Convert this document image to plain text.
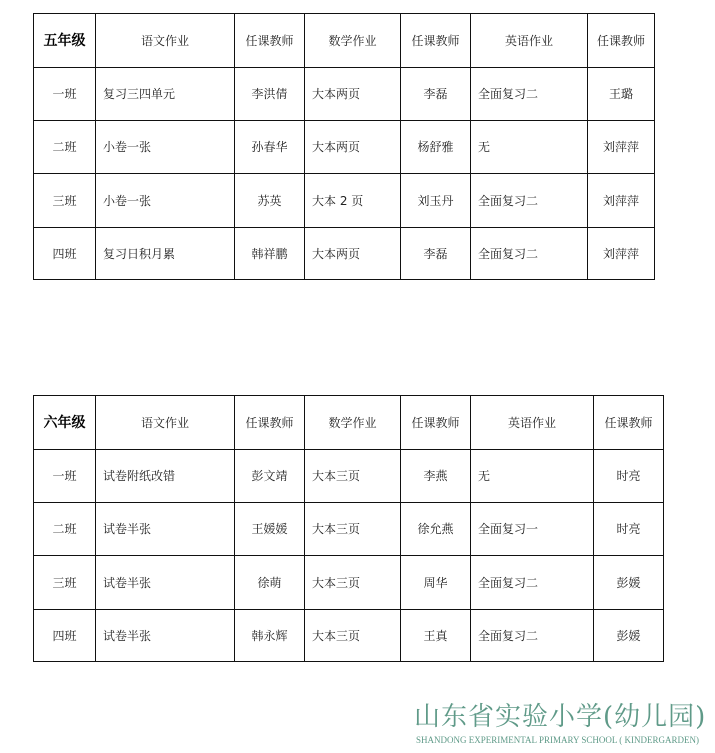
五年级	语文作业	任课教师	数学作业	任课教师	英语作业	任课教师
一班	复习三四单元	李洪倩	大本两页	李磊	全面复习二	王璐
二班	小卷一张	孙春华	大本两页	杨舒雅	无	刘萍萍
三班	小卷一张	苏英	大本 2 页	刘玉丹	全面复习二	刘萍萍
四班	复习日积月累	韩祥鹏	大本两页	李磊	全面复习二	刘萍萍
六年级	语文作业	任课教师	数学作业	任课教师	英语作业	任课教师
一班	试卷附纸改错	彭文靖	大本三页	李燕	无	时亮
二班	试卷半张	王媛媛	大本三页	徐允燕	全面复习一	时亮
三班	试卷半张	徐萌	大本三页	周华	全面复习二	彭媛
四班	试卷半张	韩永辉	大本三页	王真	全面复习二	彭媛
山东省实验小学(幼儿园)
SHANDONG EXPERIMENTAL PRIMARY SCHOOL ( KINDERGARDEN)
